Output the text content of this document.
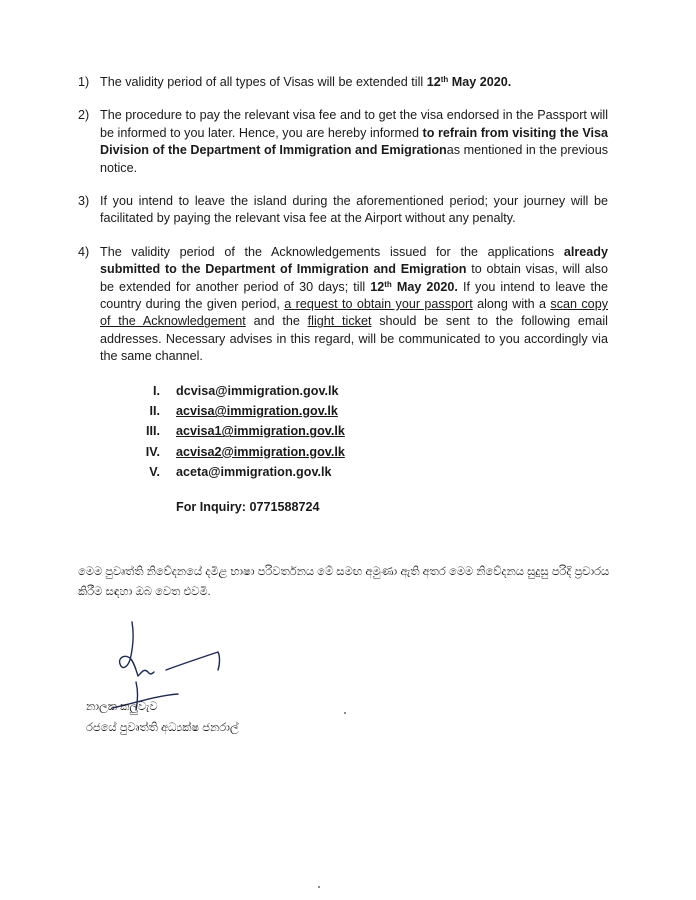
1) The validity period of all types of Visas will be extended till 12th May 2020.
2) The procedure to pay the relevant visa fee and to get the visa endorsed in the Passport will be informed to you later. Hence, you are hereby informed to refrain from visiting the Visa Division of the Department of Immigration and Emigrationas mentioned in the previous notice.
3) If you intend to leave the island during the aforementioned period; your journey will be facilitated by paying the relevant visa fee at the Airport without any penalty.
4) The validity period of the Acknowledgements issued for the applications already submitted to the Department of Immigration and Emigration to obtain visas, will also be extended for another period of 30 days; till 12th May 2020. If you intend to leave the country during the given period, a request to obtain your passport along with a scan copy of the Acknowledgement and the flight ticket should be sent to the following email addresses. Necessary advises in this regard, will be communicated to you accordingly via the same channel.
I. dcvisa@immigration.gov.lk
II. acvisa@immigration.gov.lk
III. acvisa1@immigration.gov.lk
IV. acvisa2@immigration.gov.lk
V. aceta@immigration.gov.lk
For Inquiry: 0771588724
මෙම පුවෘත්ති නිවේදනයේ දමිළ භාෂා පරිවර්තනය මේ සමඟ අමුණා ඇති අතර මෙම නිවේදනය සුදුසු පරිදි ප්‍රචාරය කිරීම සඳහා ඔබ වෙත එවමි.
නාලක කලුවැව
රජයේ පුවෘත්ති අධ්‍යක්ෂ ජනරාල්
